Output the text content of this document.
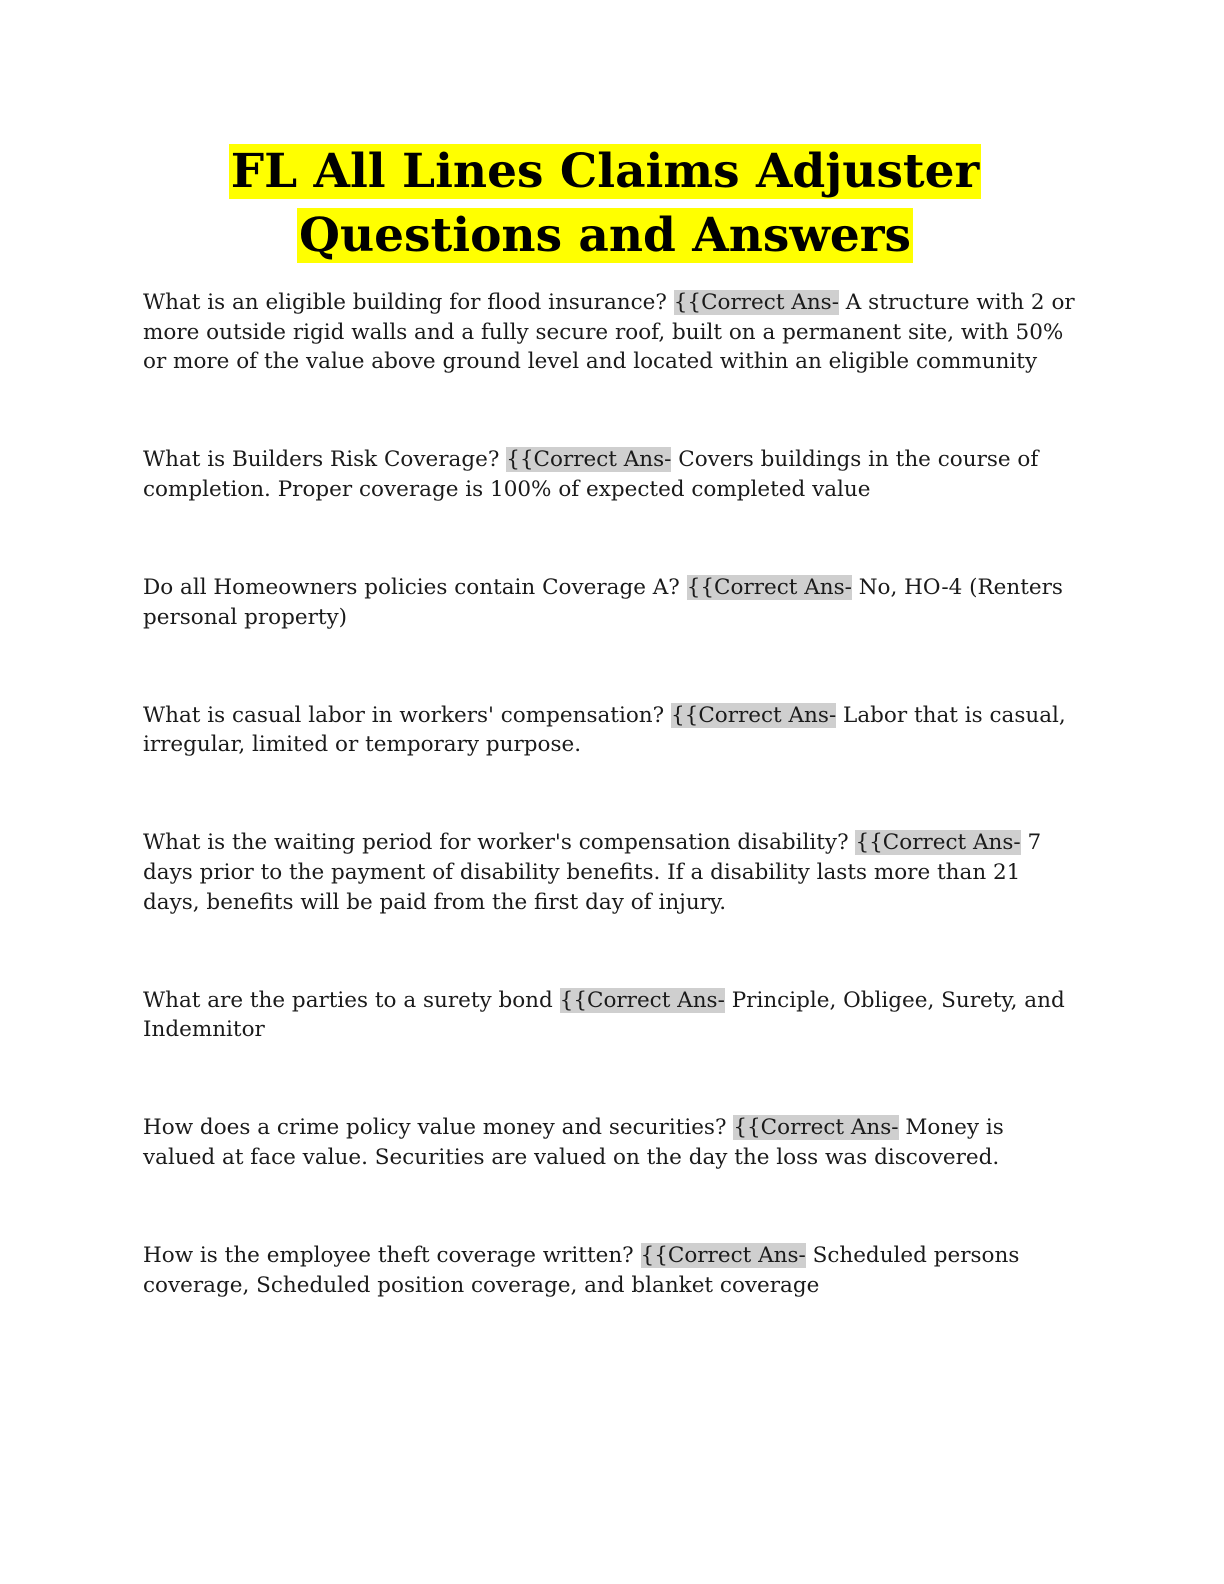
FL All Lines Claims Adjuster
Questions and Answers

What is an eligible building for flood insurance? {{Correct Ans- A structure with 2 or more outside rigid walls and a fully secure roof, built on a permanent site, with 50% or more of the value above ground level and located within an eligible community

What is Builders Risk Coverage? {{Correct Ans- Covers buildings in the course of completion. Proper coverage is 100% of expected completed value

Do all Homeowners policies contain Coverage A? {{Correct Ans- No, HO-4 (Renters personal property)

What is casual labor in workers' compensation? {{Correct Ans- Labor that is casual, irregular, limited or temporary purpose.

What is the waiting period for worker's compensation disability? {{Correct Ans- 7 days prior to the payment of disability benefits. If a disability lasts more than 21 days, benefits will be paid from the first day of injury.

What are the parties to a surety bond {{Correct Ans- Principle, Obligee, Surety, and Indemnitor

How does a crime policy value money and securities? {{Correct Ans- Money is valued at face value. Securities are valued on the day the loss was discovered.

How is the employee theft coverage written? {{Correct Ans- Scheduled persons coverage, Scheduled position coverage, and blanket coverage
